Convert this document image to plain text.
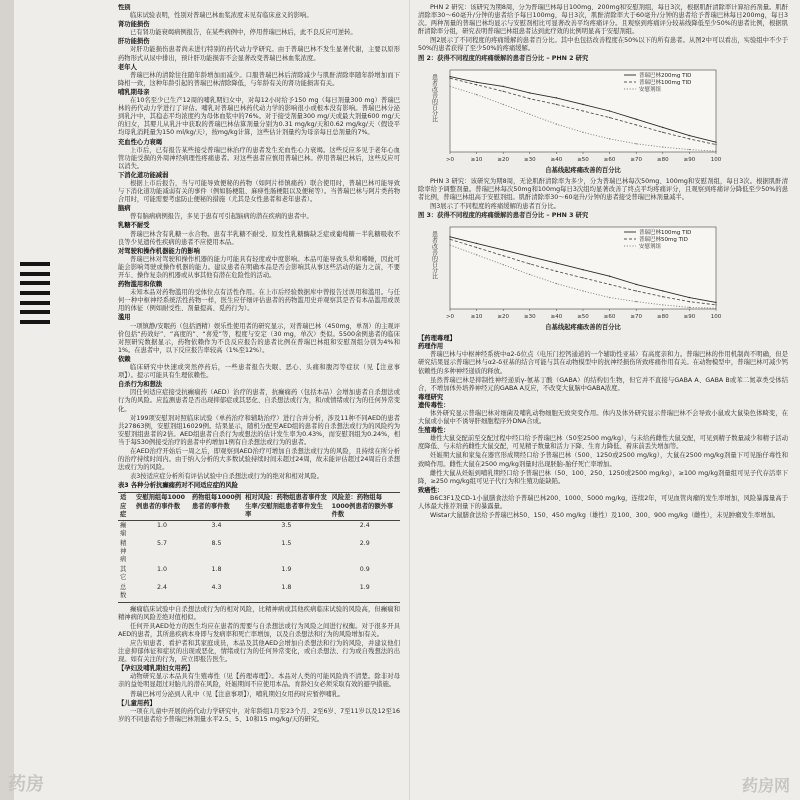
性别
临床试验表明，性别对普瑞巴林血浆浓度未见有临床意义的影响。
肾功能损伤
已有肾功能衰竭病例报告，在某些病例中，停用普瑞巴林后，此不良反应可逆转。
肝功能损伤
对肝功能损伤患者尚未进行特别的药代动力学研究。由于普瑞巴林不发生显著代谢，主要以原形药物形式从尿中排出，预计肝功能损害不会显著改变普瑞巴林血浆浓度。
老年人
普瑞巴林的清除往往随年龄增加而减少。口服普瑞巴林后清除减少与肌酐清除率随年龄增加而下降相一致，这种年龄引起的普瑞巴林清除降低，与年龄有关的肾功能损害有关。
哺乳期母亲
在10名至少已生产12周的哺乳期妇女中，对每12小时给予150 mg（每日剂量300 mg）普瑞巴林的药代动力学进行了评估。哺乳对普瑞巴林药代动力学的影响很小或根本没有影响。普瑞巴林分泌到乳汁中，其稳态平均浓度约为母体血浆中的76%。对于接受剂量300 mg/天或最大剂量600 mg/天的妇女，其婴儿从乳汁中获取的普瑞巴林估算剂量分别为0.31 mg/kg/天和0.62 mg/kg/天（假设平均母乳消耗量为150 ml/kg/天），按mg/kg计算，这些估计剂量约为母亲每日总剂量的7%。
充血性心力衰竭
上市后，已有报告某些接受普瑞巴林治疗的患者发生充血性心力衰竭。这些反应多见于老年心血管功能受损的外周神经病理性疼痛患者。对这些患者应慎用普瑞巴林。停用普瑞巴林后，这些反应可以消失。
下消化道功能减弱
根据上市后报告，当与可能导致便秘的药物（如阿片样镇痛药）联合使用时，普瑞巴林可能导致与下消化道功能减弱有关的事件（例如肠梗阻、麻痹性肠梗阻以及便秘等）。当普瑞巴林与阿片类药物合用时，可能需要考虑防止便秘的措施（尤其是女性患者和老年患者）。
脑病
曾有脑病病例报告，多见于患有可引起脑病的潜在疾病的患者中。
乳糖不耐受
普瑞巴林含有乳糖一水合物。患有半乳糖不耐受、原发性乳糖酶缺乏症或葡萄糖－半乳糖吸收不良等少见遗传性疾病的患者不应使用本品。
对驾驶和操作机器能力的影响
普瑞巴林对驾驶和操作机器的能力可能具有轻度或中度影响。本品可能导致头晕和嗜睡，因此可能会影响驾驶或操作机器的能力。建议患者在明确本品是否会影响其从事这些活动的能力之前，不要开车、操作复杂的机器或从事其他有潜在危险性的活动。
药物滥用和依赖
未知本品对药物滥用的受体位点有活性作用。在上市后经验数据库中曾报告过误用和滥用。与任何一种中枢神经系统活性药物一样，医生应仔细评估患者的药物滥用史并观察其是否有本品滥用或误用的体征（例如耐受性、剂量提高、觅药行为）。
滥用
一项镇静/安眠药（包括酒精）娱乐性使用者的研究显示，对普瑞巴林（450mg，单剂）的主观评价包括“药效好”、“高度的”、“喜爱”等，程度与安定（30 mg，单次）类似。5500余例患者的临床对照研究数据显示，药物依赖作为不良反应报告的患者比例在普瑞巴林组和安慰剂组分别为4%和1%。在患者中，以下反应报告率较高（1%至12%）。
依赖
临床研究中快速或突然停药后，一些患者报告失眠、恶心、头痛和腹泻等症状（见【注意事项】）。提示可能具有生理依赖性。
自杀行为和想法
因任何适应症接受抗癫痫药（AED）治疗的患者，抗癫痫药（包括本品）会增加患者自杀想法或行为的风险。应监测患者是否出现抑郁症或其恶化、自杀想法或行为，和/或情绪或行为的任何异常变化。
对199项安慰剂对照临床试验（单药治疗和辅助治疗）进行合并分析，涉及11种不同AED的患者共27863例，安慰剂组16029例。结果显示，随机分配至AED组的患者的自杀想法或行为的风险约为安慰剂组患者的2倍。AED组患者自杀行为或想法的估计发生率为0.43%，而安慰剂组为0.24%，相当于每530例接受治疗的患者中约增加1例有自杀想法或行为的患者。
在AED治疗开始后一周之后，即观察到AED治疗可增加自杀想法或行为的风险，且持续在所分析的治疗持续时间内。由于纳入分析的大多数试验持续时间未超过24周，故未能评估超过24周后自杀想法或行为的风险。
表3按适应症分析所有评估试验中自杀想法或行为的绝对和相对风险。
表3 各种分析抗癫痫药对不同适应症的风险
适应症	安慰剂组每1000例患者的事件数	药物组每1000例患者的事件数	相对风险：药物组患者事件发生率/安慰剂组患者事件发生率	风险差：药物组每1000例患者的额外事件数
癫痫	1.0	3.4	3.5	2.4
精神病	5.7	8.5	1.5	2.9
其它	1.0	1.8	1.9	0.9
总数	2.4	4.3	1.8	1.9
癫痫临床试验中自杀想法或行为的相对风险，比精神病或其他疾病临床试验的风险高，但癫痫和精神病的风险差绝对值相似。
任何开具AED处方的医生均应在患者的需要与自杀想法或行为风险之间进行权衡。对于很多开具AED的患者，其所患疾病本身即与发病率和死亡率增加，以及自杀想法和行为的风险增加有关。
应告知患者、看护者和其家庭成员，本品及其他AED会增加自杀想法和行为的风险，并建议他们注意抑郁体征和症状的出现或恶化，情绪或行为的任何异常变化，或自杀想法、行为或自残想法的出现。如有关注的行为，应立即报告医生。
【孕妇及哺乳期妇女用药】
动物研究显示本品具有生殖毒性（见【药理毒理】）。本品对人类的可能风险尚不清楚。除非对母亲的益处明显超过对胎儿的潜在风险，妊娠期间不应使用本品。育龄妇女必须采取有效的避孕措施。
普瑞巴林可分泌到人乳中（见【注意事项】），哺乳期妇女用药时应暂停哺乳。
【儿童用药】
一项在儿童中开展的药代动力学研究中，对年龄组1月至23个月、2至6岁、7至11岁以及12至16岁的不同患者给予普瑞巴林剂量水平2.5、5、10和15 mg/kg/天的研究。
PHN 2 研究：该研究为期8周，分为普瑞巴林每日100mg、200mg和安慰剂组，每日3次，根据肌酐清除率计算给药剂量。肌酐清除率30～60毫升/分钟的患者给予每日100mg，每日3次，肌酐清除率大于60毫升/分钟的患者给予普瑞巴林每日200mg，每日3次。两种剂量的普瑞巴林均显示与安慰剂相比可显著改善平均疼痛评分。且观察到疼痛评分较基线降低至少50%的患者比例，根据肌酐清除率分组，研究表明普瑞巴林组患者达到此疗效的比例明显高于安慰剂组。
图2展示了不同程度的疼痛缓解的患者百分比。其中也包括改善程度在50%以下的所有患者。从图2中可以看出，实验组中不少于50%的患者获得了至少50%的疼痛缓解。
图 2：获得不同程度的疼痛缓解的患者百分比 – PHN 2 研究
患者改善的百分比
>0	≥10	≥20	≥30	≥40	≥50	≥60	≥70	≥80	≥90	100
自基线起疼痛改善的百分比
普瑞巴林200mg TID
普瑞巴林100mg TID
安慰剂组
PHN 3 研究：该研究为期8周，无论肌酐清除率为多少，分为普瑞巴林每次50mg、100mg和安慰剂组，每日3次。根据肌酐清除率给予调整剂量。普瑞巴林每次50mg和100mg每日3次组均显著改善了终点平均疼痛评分，且观察到疼痛评分降低至少50%的患者比例，普瑞巴林组高于安慰剂组。肌酐清除率30～60毫升/分钟的患者接受普瑞巴林剂量减半。
图3展示了不同程度的疼痛缓解的患者百分比。
图 3：获得不同程度的疼痛缓解的患者百分比 – PHN 3 研究
患者改善的百分比
>0	≥10	≥20	≥30	≥40	≥50	≥60	≥70	≥80	≥90	100
自基线起疼痛改善的百分比
普瑞巴林100mg TID
普瑞巴林50mg TID
安慰剂组
【药理毒理】
药理作用
普瑞巴林与中枢神经系统中α2-δ位点（电压门控钙通道的一个辅助性亚基）有高度亲和力。普瑞巴林的作用机制尚不明确，但是研究结果显示普瑞巴林与α2-δ亚基的结合可能与其在动物模型中的抗神经损伤所致疼痛作用有关。在动物模型中，普瑞巴林可减少钙依赖性的多种神经递质的释放。
虽然普瑞巴林是抑制性神经递质γ-氨基丁酸（GABA）的结构衍生物，但它并不直接与GABA A、GABA B或苯二氮䓬类受体结合，不增加体外培养神经元的GABA A反应，不改变大鼠脑中GABA浓度。
毒理研究
遗传毒性：
体外研究显示普瑞巴林对细菌及哺乳动物细胞无致突变作用。体内及体外研究显示普瑞巴林不会导致小鼠或大鼠染色体畸变，在大鼠或小鼠中不诱导肝细胞程序外DNA合成。
生殖毒性：
雄性大鼠交配前至交配过程中经口给予普瑞巴林（50至2500 mg/kg），与未给药雌性大鼠交配，可见到精子数量减少和精子活动度降低、与未给药雌性大鼠交配，可见精子数量和活力下降、生育力降低、着床前丢失增加等。
妊娠期大鼠和家兔在器官形成期经口给予普瑞巴林（500、1250或2500 mg/kg），大鼠在2500 mg/kg剂量下可见胎仔毒性和致畸作用。雌性大鼠在2500 mg/kg剂量时出现胚胎-胎仔死亡率增加。
雌性大鼠从妊娠到哺乳期经口给予普瑞巴林（50、100、250、1250或2500 mg/kg），≥100 mg/kg剂量组可见子代存活率下降，≥250 mg/kg组可见子代行为和生殖功能缺陷。
致癌性：
B6C3F1及CD-1小鼠膳食法给予普瑞巴林200、1000、5000 mg/kg，连续2年，可见血管肉瘤的发生率增加，风险暴露量高于人体最大推荐剂量下的暴露量。
Wistar大鼠膳食法给予普瑞巴林50、150、450 mg/kg（雄性）及100、300、900 mg/kg（雌性），未见肿瘤发生率增加。
药房	药房网
